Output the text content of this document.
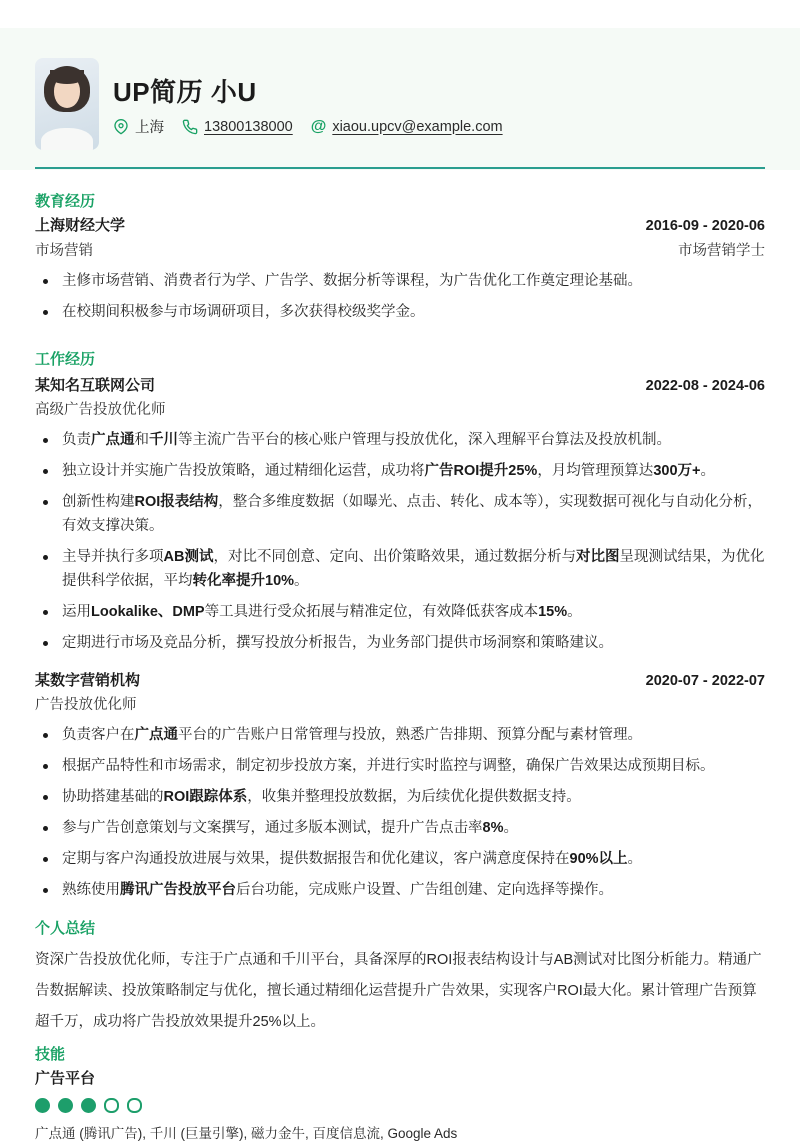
UP简历 小U
上海	13800138000 @ xiaou.upcv@example.com
教育经历
上海财经大学	2016-09 - 2020-06
市场营销	市场营销学士
主修市场营销、消费者行为学、广告学、数据分析等课程，为广告优化工作奠定理论基础。
在校期间积极参与市场调研项目，多次获得校级奖学金。
工作经历
某知名互联网公司	2022-08 - 2024-06
高级广告投放优化师
负责广点通和千川等主流广告平台的核心账户管理与投放优化，深入理解平台算法及投放机制。
独立设计并实施广告投放策略，通过精细化运营，成功将广告ROI提升25%，月均管理预算达300万+。
创新性构建ROI报表结构，整合多维度数据（如曝光、点击、转化、成本等），实现数据可视化与自动化分析，有效支撑决策。
主导并执行多项AB测试，对比不同创意、定向、出价策略效果，通过数据分析与对比图呈现测试结果，为优化提供科学依据，平均转化率提升10%。
运用Lookalike、DMP等工具进行受众拓展与精准定位，有效降低获客成本15%。
定期进行市场及竞品分析，撰写投放分析报告，为业务部门提供市场洞察和策略建议。
某数字营销机构	2020-07 - 2022-07
广告投放优化师
负责客户在广点通平台的广告账户日常管理与投放，熟悉广告排期、预算分配与素材管理。
根据产品特性和市场需求，制定初步投放方案，并进行实时监控与调整，确保广告效果达成预期目标。
协助搭建基础的ROI跟踪体系，收集并整理投放数据，为后续优化提供数据支持。
参与广告创意策划与文案撰写，通过多版本测试，提升广告点击率8%。
定期与客户沟通投放进展与效果，提供数据报告和优化建议，客户满意度保持在90%以上。
熟练使用腾讯广告投放平台后台功能，完成账户设置、广告组创建、定向选择等操作。
个人总结
资深广告投放优化师，专注于广点通和千川平台，具备深厚的ROI报表结构设计与AB测试对比图分析能力。精通广告数据解读、投放策略制定与优化，擅长通过精细化运营提升广告效果，实现客户ROI最大化。累计管理广告预算超千万，成功将广告投放效果提升25%以上。
技能
广告平台
广点通 (腾讯广告), 千川 (巨量引擎), 磁力金牛, 百度信息流, Google Ads
